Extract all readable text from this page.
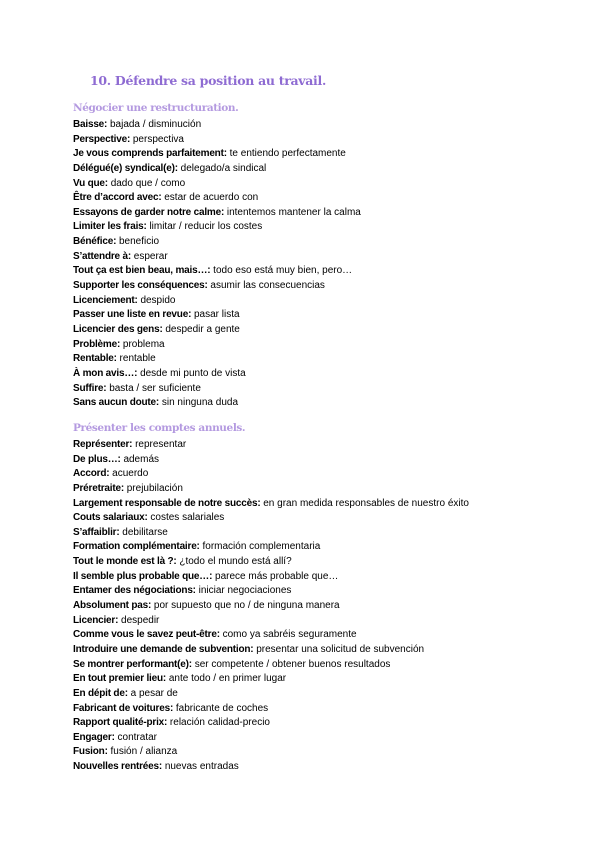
10. Défendre sa position au travail.
Négocier une restructuration.
Baisse: bajada / disminución
Perspective: perspectiva
Je vous comprends parfaitement: te entiendo perfectamente
Délégué(e) syndical(e): delegado/a sindical
Vu que: dado que / como
Être d’accord avec: estar de acuerdo con
Essayons de garder notre calme: intentemos mantener la calma
Limiter les frais: limitar / reducir los costes
Bénéfice: beneficio
S’attendre à: esperar
Tout ça est bien beau, mais…: todo eso está muy bien, pero…
Supporter les conséquences: asumir las consecuencias
Licenciement: despido
Passer une liste en revue: pasar lista
Licencier des gens: despedir a gente
Problème: problema
Rentable: rentable
À mon avis…: desde mi punto de vista
Suffire: basta / ser suficiente
Sans aucun doute: sin ninguna duda
Présenter les comptes annuels.
Représenter: representar
De plus…: además
Accord: acuerdo
Préretraite: prejubilación
Largement responsable de notre succès: en gran medida responsables de nuestro éxito
Couts salariaux: costes salariales
S’affaiblir: debilitarse
Formation complémentaire: formación complementaria
Tout le monde est là ?: ¿todo el mundo está allí?
Il semble plus probable que…: parece más probable que…
Entamer des négociations: iniciar negociaciones
Absolument pas: por supuesto que no / de ninguna manera
Licencier: despedir
Comme vous le savez peut-être: como ya sabréis seguramente
Introduire une demande de subvention: presentar una solicitud de subvención
Se montrer performant(e): ser competente / obtener buenos resultados
En tout premier lieu: ante todo / en primer lugar
En dépit de: a pesar de
Fabricant de voitures: fabricante de coches
Rapport qualité-prix: relación calidad-precio
Engager: contratar
Fusion: fusión / alianza
Nouvelles rentrées: nuevas entradas
